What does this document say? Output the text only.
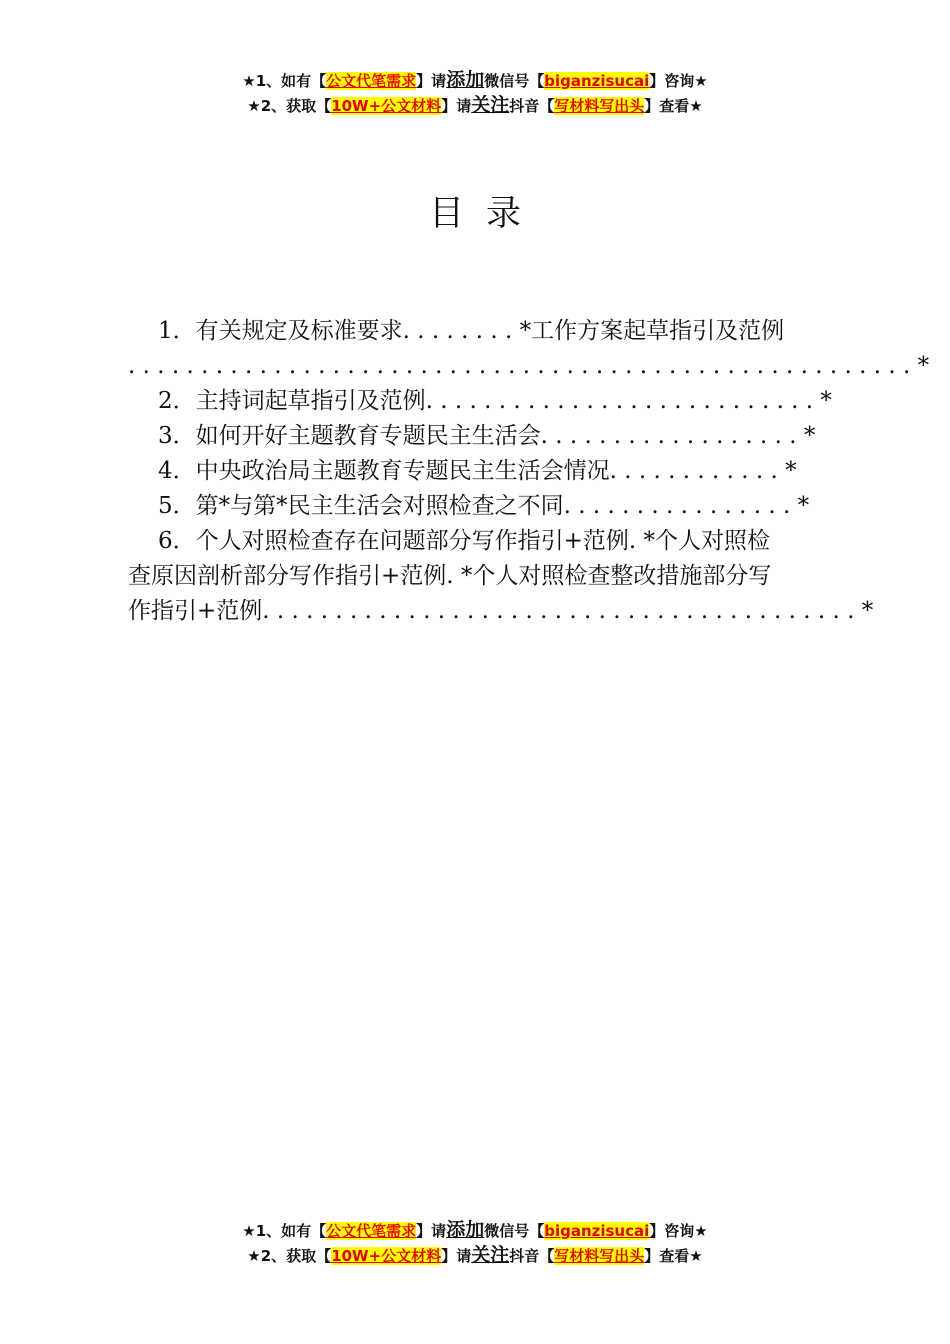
★1、如有【公文代笔需求】请添加微信号【biganzisucai】咨询★
★2、获取【10W+公文材料】请关注抖音【写材料写出头】查看★
目录
1．有关规定及标准要求. . . . . . . . *工作方案起草指引及范例
. . . . . . . . . . . . . . . . . . . . . . . . . . . . . . . . . . . . . . . . . . . . . . . . . . . . . . *
2．主持词起草指引及范例. . . . . . . . . . . . . . . . . . . . . . . . . . . *
3．如何开好主题教育专题民主生活会. . . . . . . . . . . . . . . . . . *
4．中央政治局主题教育专题民主生活会情况. . . . . . . . . . . . *
5．第*与第*民主生活会对照检查之不同. . . . . . . . . . . . . . . . *
6．个人对照检查存在问题部分写作指引+范例. *个人对照检
查原因剖析部分写作指引+范例. *个人对照检查整改措施部分写
作指引+范例. . . . . . . . . . . . . . . . . . . . . . . . . . . . . . . . . . . . . . . . . *
★1、如有【公文代笔需求】请添加微信号【biganzisucai】咨询★
★2、获取【10W+公文材料】请关注抖音【写材料写出头】查看★
